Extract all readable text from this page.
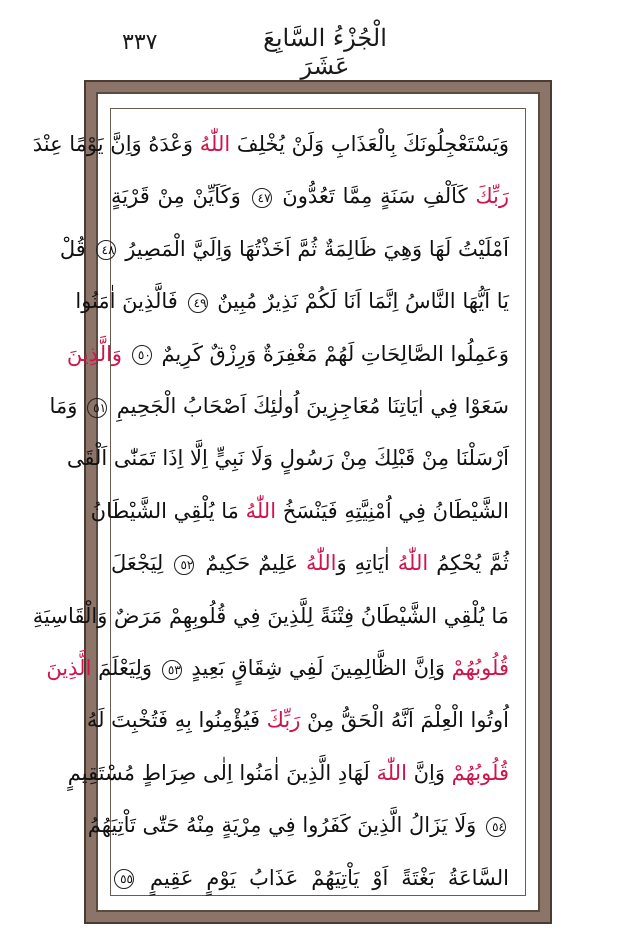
٣٣٧	الْجُزْءُ السَّابِعَ عَشَرَ
وَيَسْتَعْجِلُونَكَ بِالْعَذَابِ وَلَنْ يُخْلِفَ اللّٰهُ وَعْدَهُ وَاِنَّ يَوْمًا عِنْدَ
رَبِّكَ كَاَلْفِ سَنَةٍ مِمَّا تَعُدُّونَ ٤٧ وَكَاَيِّنْ مِنْ قَرْيَةٍ
اَمْلَيْتُ لَهَا وَهِيَ ظَالِمَةٌ ثُمَّ اَخَذْتُهَا وَاِلَيَّ الْمَصِيرُ ٤٨ قُلْ
يَا اَيُّهَا النَّاسُ اِنَّمَا اَنَا لَكُمْ نَذِيرٌ مُبِينٌ ٤٩ فَالَّذِينَ اٰمَنُوا
وَعَمِلُوا الصَّالِحَاتِ لَهُمْ مَغْفِرَةٌ وَرِزْقٌ كَرِيمٌ ٥٠ وَالَّذِينَ
سَعَوْا فِي اٰيَاتِنَا مُعَاجِزِينَ اُولٰئِكَ اَصْحَابُ الْجَحِيمِ ٥١ وَمَا
اَرْسَلْنَا مِنْ قَبْلِكَ مِنْ رَسُولٍ وَلَا نَبِيٍّ اِلَّا اِذَا تَمَنّٰى اَلْقَى
الشَّيْطَانُ فِي اُمْنِيَّتِهِ فَيَنْسَخُ اللّٰهُ مَا يُلْقِي الشَّيْطَانُ
ثُمَّ يُحْكِمُ اللّٰهُ اٰيَاتِهِ وَاللّٰهُ عَلِيمٌ حَكِيمٌ ٥٢ لِيَجْعَلَ
مَا يُلْقِي الشَّيْطَانُ فِتْنَةً لِلَّذِينَ فِي قُلُوبِهِمْ مَرَضٌ وَالْقَاسِيَةِ
قُلُوبُهُمْ وَاِنَّ الظَّالِمِينَ لَفِي شِقَاقٍ بَعِيدٍ ٥٣ وَلِيَعْلَمَ الَّذِينَ
اُوتُوا الْعِلْمَ اَنَّهُ الْحَقُّ مِنْ رَبِّكَ فَيُؤْمِنُوا بِهِ فَتُخْبِتَ لَهُ
قُلُوبُهُمْ وَاِنَّ اللّٰهَ لَهَادِ الَّذِينَ اٰمَنُوا اِلٰى صِرَاطٍ مُسْتَقِيمٍ
٥٤ وَلَا يَزَالُ الَّذِينَ كَفَرُوا فِي مِرْيَةٍ مِنْهُ حَتّٰى تَاْتِيَهُمُ
السَّاعَةُ بَغْتَةً اَوْ يَاْتِيَهُمْ عَذَابُ يَوْمٍ عَقِيمٍ ٥٥
